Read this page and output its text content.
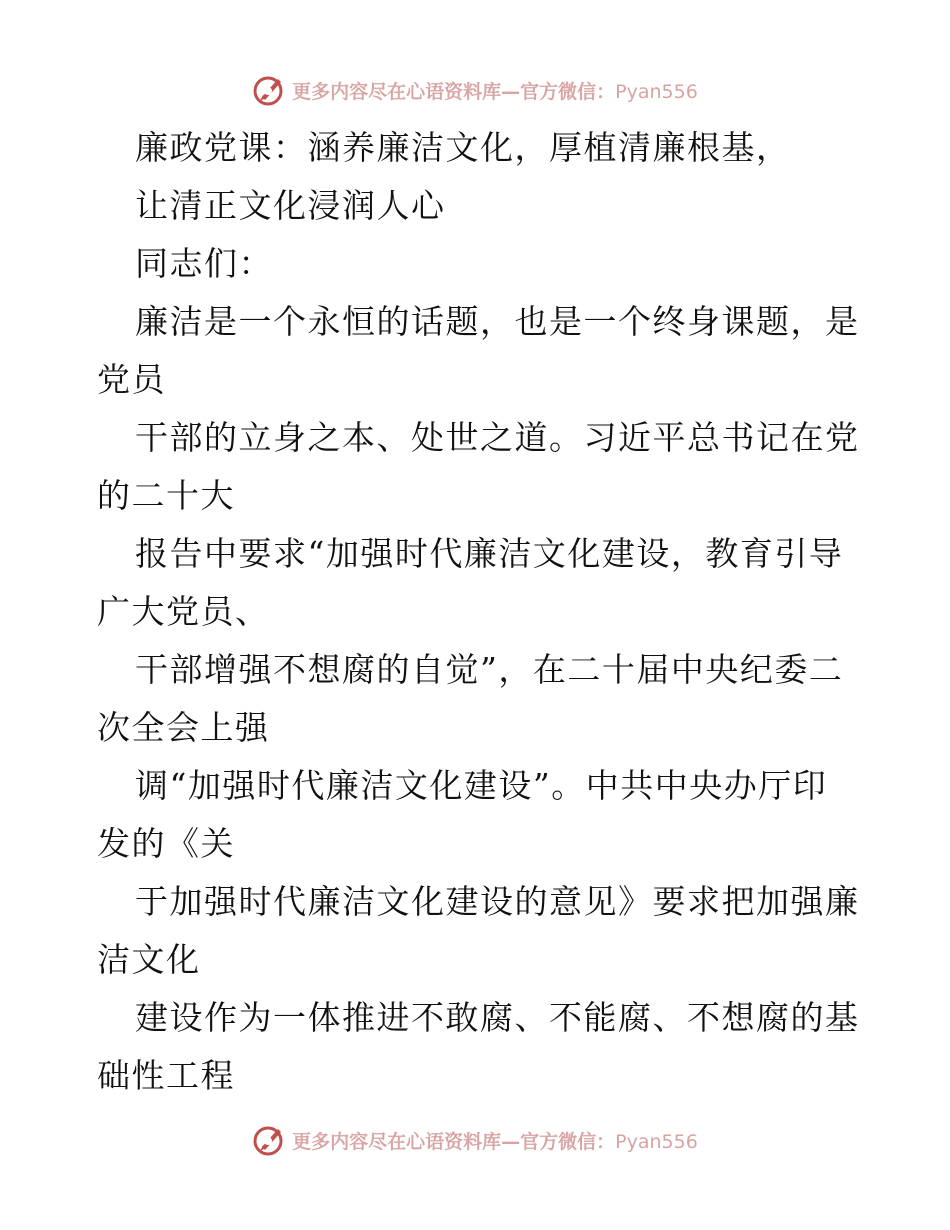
更多内容尽在心语资料库—官方微信：Pyan556
廉政党课：涵养廉洁文化，厚植清廉根基，
让清正文化浸润人心
同志们：
廉洁是一个永恒的话题，也是一个终身课题，是
党员
干部的立身之本、处世之道。习近平总书记在党
的二十大
报告中要求“加强时代廉洁文化建设，教育引导
广大党员、
干部增强不想腐的自觉”，在二十届中央纪委二
次全会上强
调“加强时代廉洁文化建设”。中共中央办厅印
发的《关
于加强时代廉洁文化建设的意见》要求把加强廉
洁文化
建设作为一体推进不敢腐、不能腐、不想腐的基
础性工程
更多内容尽在心语资料库—官方微信：Pyan556
